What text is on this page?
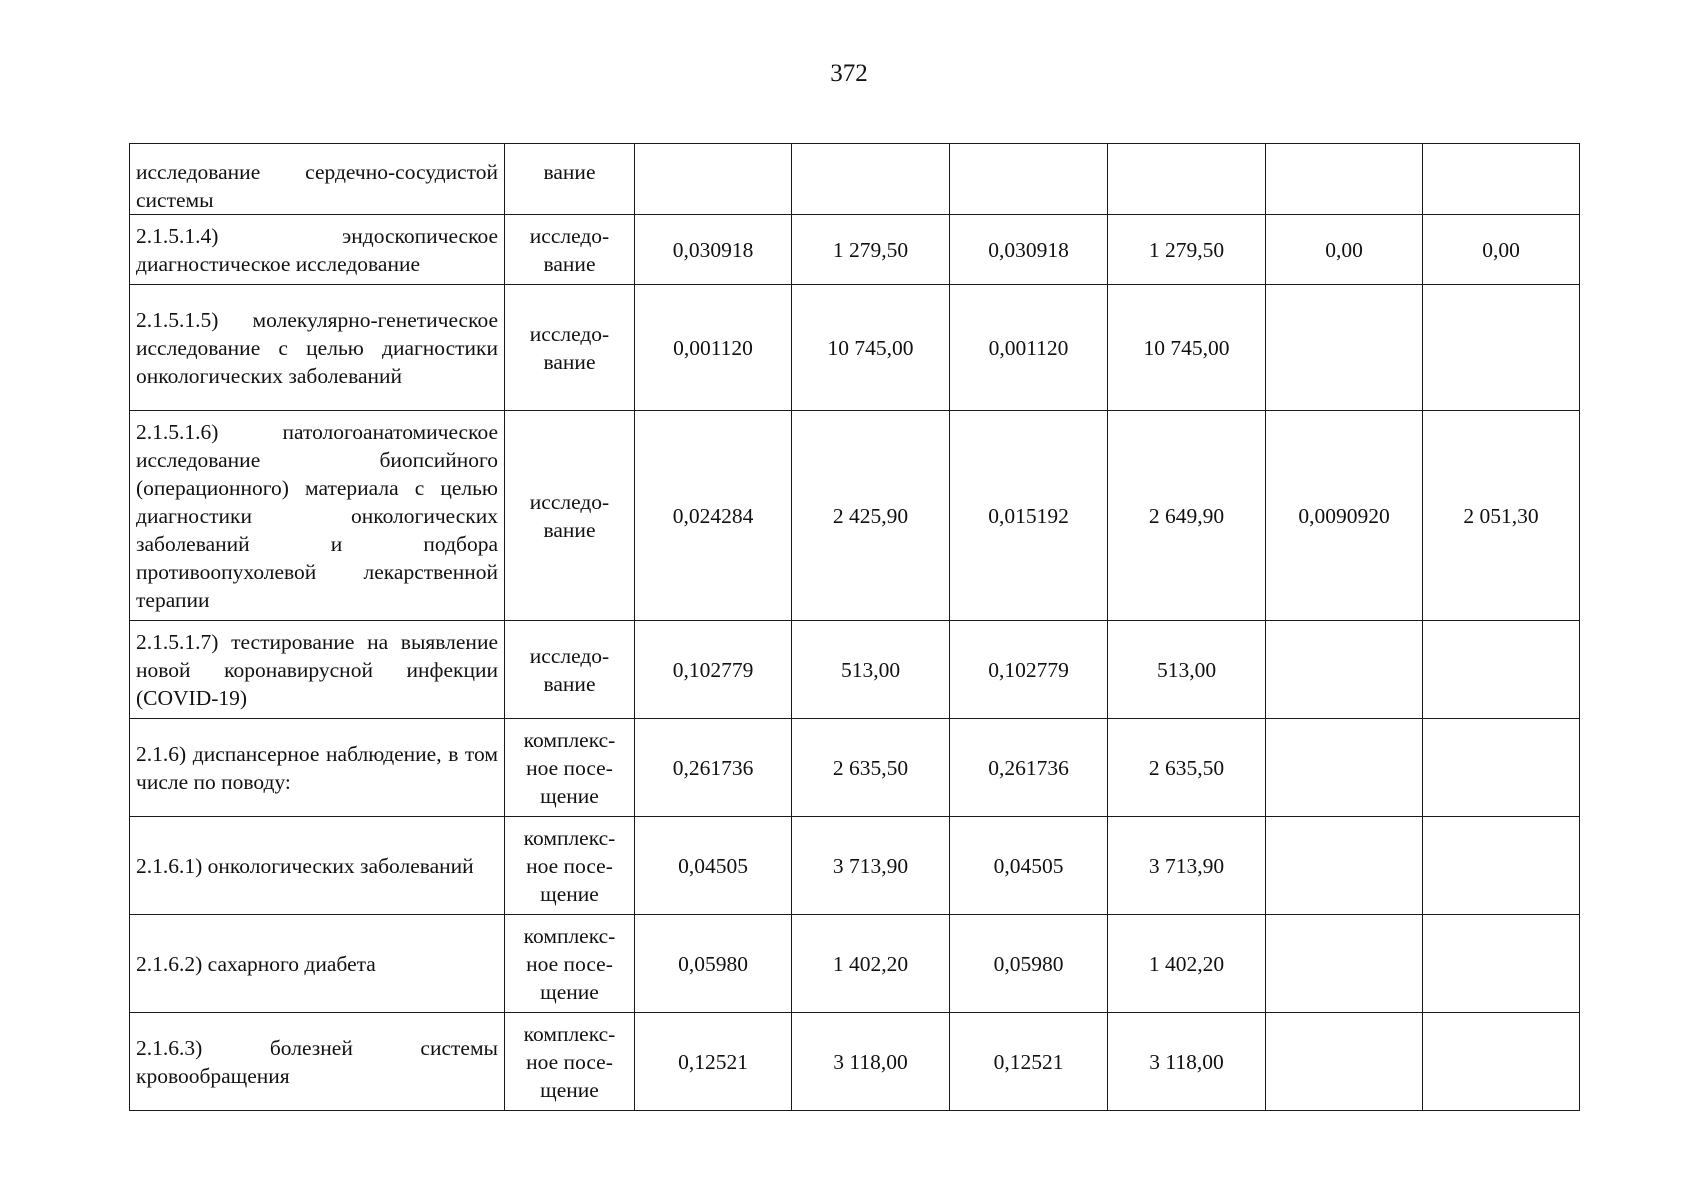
372
исследование сердечно-сосудистой системы	вание						

2.1.5.1.4) эндоскопическое диагностическое исследование	исследо-
вание	0,030918	1 279,50	0,030918	1 279,50	0,00	0,00
2.1.5.1.5) молекулярно-генетическое исследование с целью диагностики онкологических заболеваний	исследо-
вание	0,001120	10 745,00	0,001120	10 745,00		
2.1.5.1.6) патологоанатомическое исследование биопсийного (операционного) материала с целью диагностики онкологических заболеваний и подбора противоопухолевой лекарственной терапии	исследо-
вание	0,024284	2 425,90	0,015192	2 649,90	0,0090920	2 051,30
2.1.5.1.7) тестирование на выявление новой коронавирусной инфекции (COVID-19)	исследо-
вание	0,102779	513,00	0,102779	513,00		
2.1.6) диспансерное наблюдение, в том числе по поводу:	комплекс-
ное посе-
щение	0,261736	2 635,50	0,261736	2 635,50		
2.1.6.1) онкологических заболеваний	комплекс-
ное посе-
щение	0,04505	3 713,90	0,04505	3 713,90		
2.1.6.2) сахарного диабета	комплекс-
ное посе-
щение	0,05980	1 402,20	0,05980	1 402,20		
2.1.6.3) болезней системы кровообращения	комплекс-
ное посе-
щение	0,12521	3 118,00	0,12521	3 118,00		
